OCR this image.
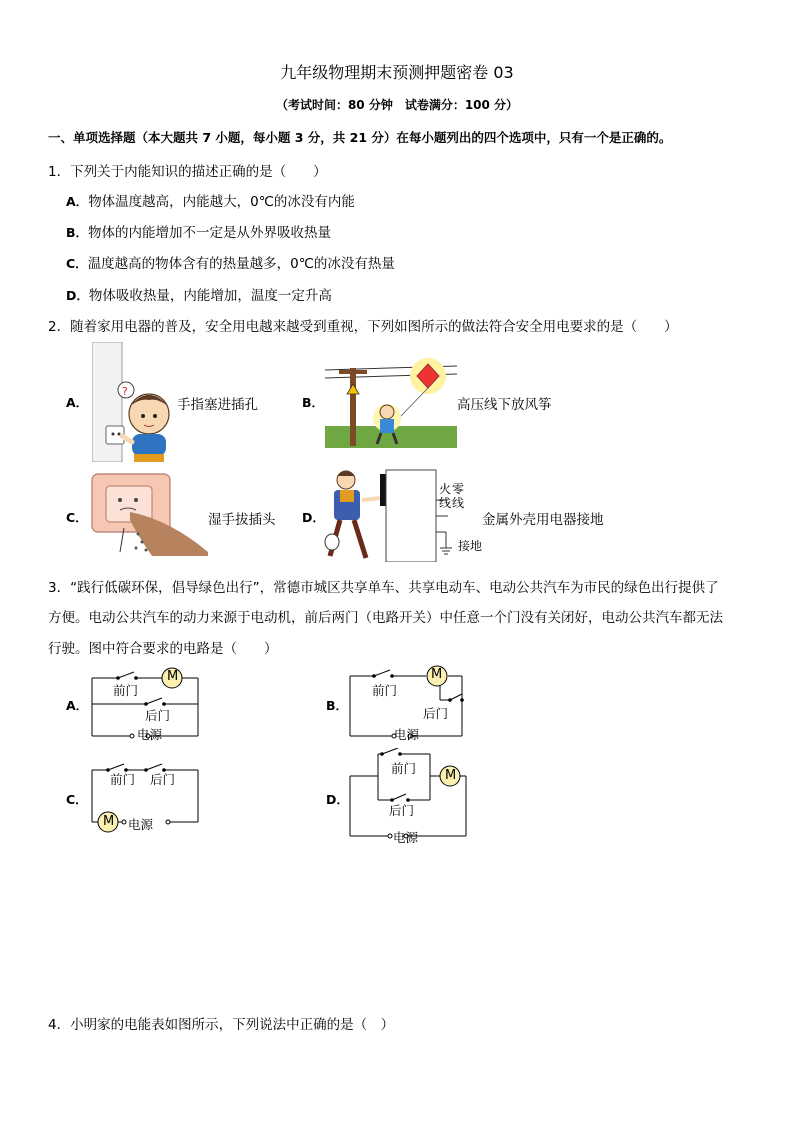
九年级物理期末预测押题密卷 03
（考试时间：80 分钟　试卷满分：100 分）
一、单项选择题（本大题共 7 小题，每小题 3 分，共 21 分）在每小题列出的四个选项中，只有一个是正确的。
1．下列关于内能知识的描述正确的是（　　）
A．物体温度越高，内能越大，0℃的冰没有内能
B．物体的内能增加不一定是从外界吸收热量
C．温度越高的物体含有的热量越多，0℃的冰没有热量
D．物体吸收热量，内能增加，温度一定升高
2．随着家用电器的普及，安全用电越来越受到重视，下列如图所示的做法符合安全用电要求的是（　　）
A．
?
手指塞进插孔	B．	高压线下放风筝
C．	湿手拔插头 D．
火 零
线 线
接地
金属外壳用电器接地
3．“践行低碳环保，倡导绿色出行”，常德市城区共享单车、共享电动车、电动公共汽车为市民的绿色出行提供了
方便。电动公共汽车的动力来源于电动机，前后两门（电路开关）中任意一个门没有关闭好，电动公共汽车都无法
行驶。图中符合要求的电路是（　　）
A．
M
前门
后门
电源
B．
M
前门
后门
电源
C．
前门 后门
M 电源
D．
前门 M
后门
电源
4．小明家的电能表如图所示，下列说法中正确的是（　）
